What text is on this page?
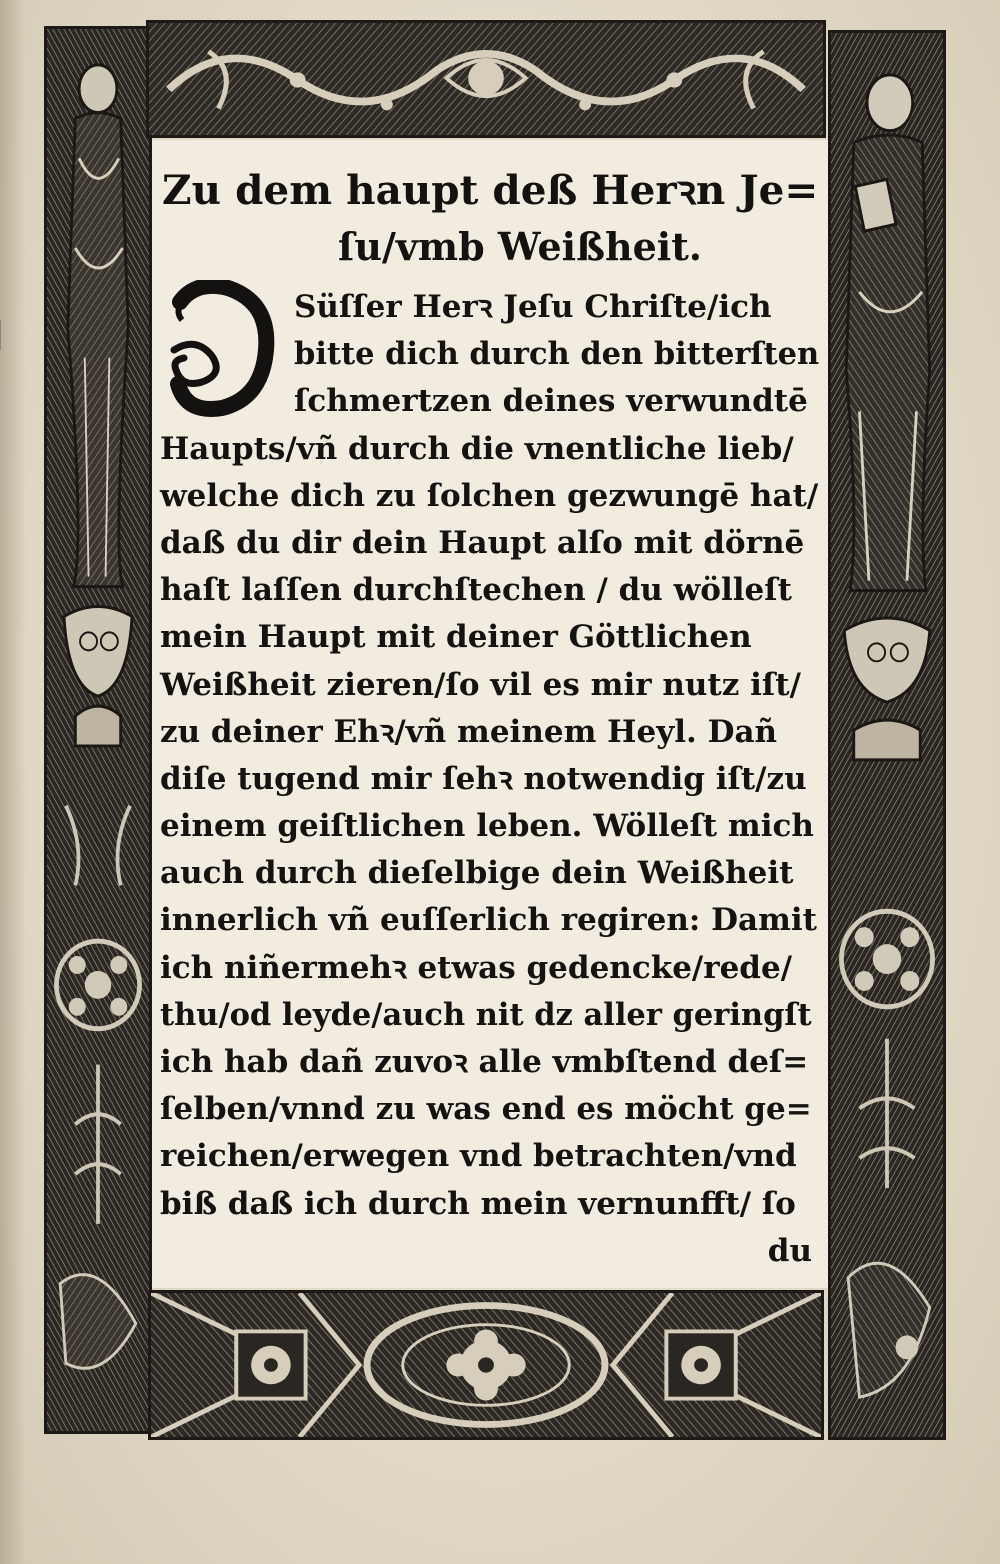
Zu dem haupt deß Herꝛn Je=
ſu/vmb Weißheit.
Süſſer Herꝛ Jeſu Chriſte/ich
bitte dich durch den bitterſten
ſchmertzen deines verwundtē
Haupts/vñ durch die vnentliche lieb/
welche dich zu ſolchen gezwungē hat/
daß du dir dein Haupt alſo mit dörnē
haſt laſſen durchſtechen / du wölleſt
mein Haupt mit deiner Göttlichen
Weißheit zieren/ſo vil es mir nutz iſt/
zu deiner Ehꝛ/vñ meinem Heyl. Dañ
diſe tugend mir ſehꝛ notwendig iſt/zu
einem geiſtlichen leben. Wölleſt mich
auch durch dieſelbige dein Weißheit
innerlich vñ euſſerlich regiren: Damit
ich niñermehꝛ etwas gedencke/rede/
thu/od leyde/auch nit dz aller geringſt
ich hab dañ zuvoꝛ alle vmbſtend deſ=
ſelben/vnnd zu was end es möcht ge=
reichen/erwegen vnd betrachten/vnd
biß daß ich durch mein vernunfft/ ſo
du
